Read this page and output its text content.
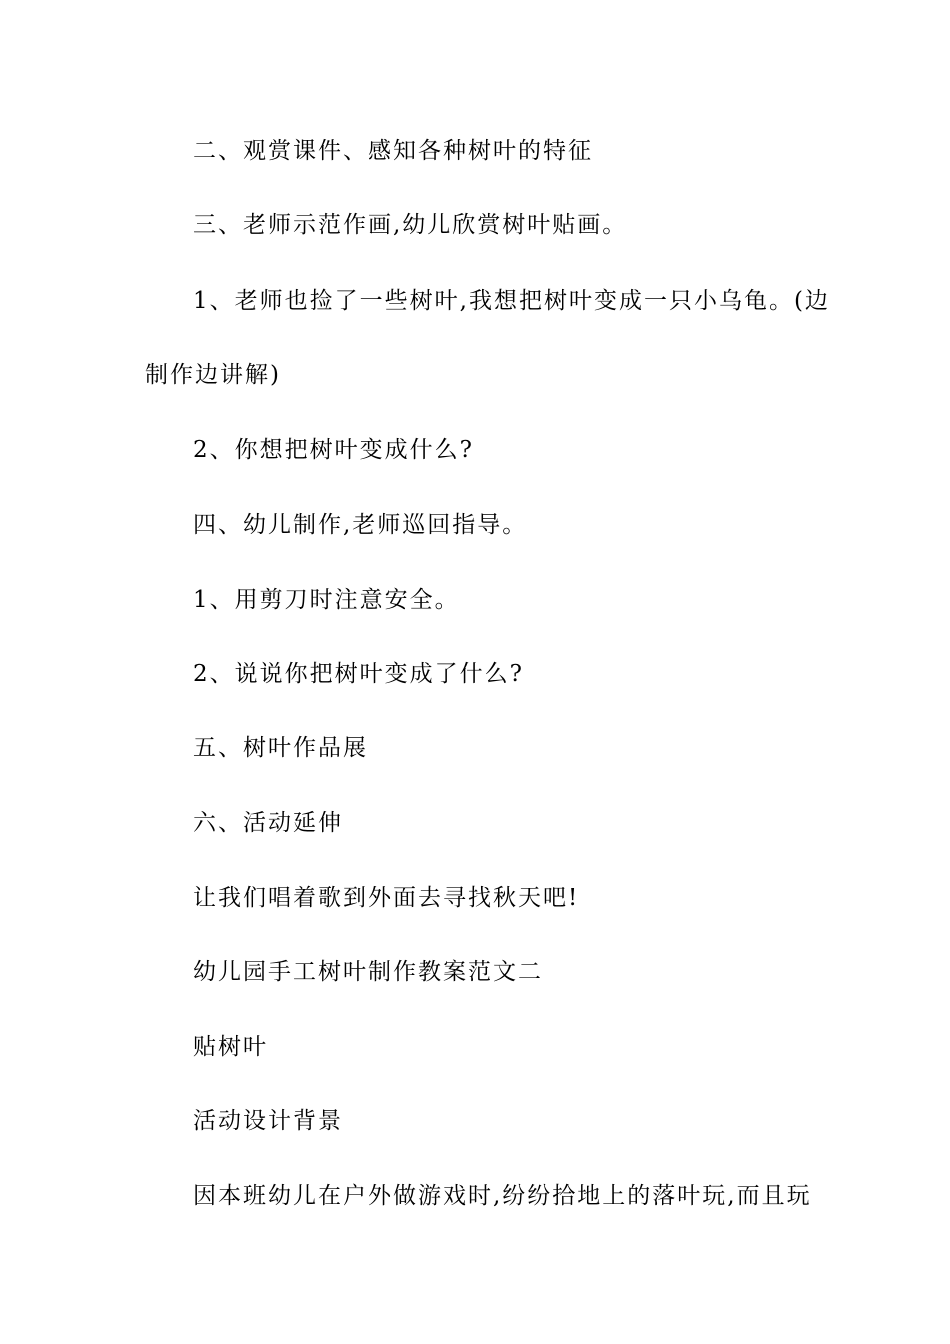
二、观赏课件、感知各种树叶的特征
三、老师示范作画,幼儿欣赏树叶贴画。
1、老师也捡了一些树叶,我想把树叶变成一只小乌龟。(边
制作边讲解)
2、你想把树叶变成什么?
四、幼儿制作,老师巡回指导。
1、用剪刀时注意安全。
2、说说你把树叶变成了什么?
五、树叶作品展
六、活动延伸
让我们唱着歌到外面去寻找秋天吧!
幼儿园手工树叶制作教案范文二
贴树叶
活动设计背景
因本班幼儿在户外做游戏时,纷纷拾地上的落叶玩,而且玩
